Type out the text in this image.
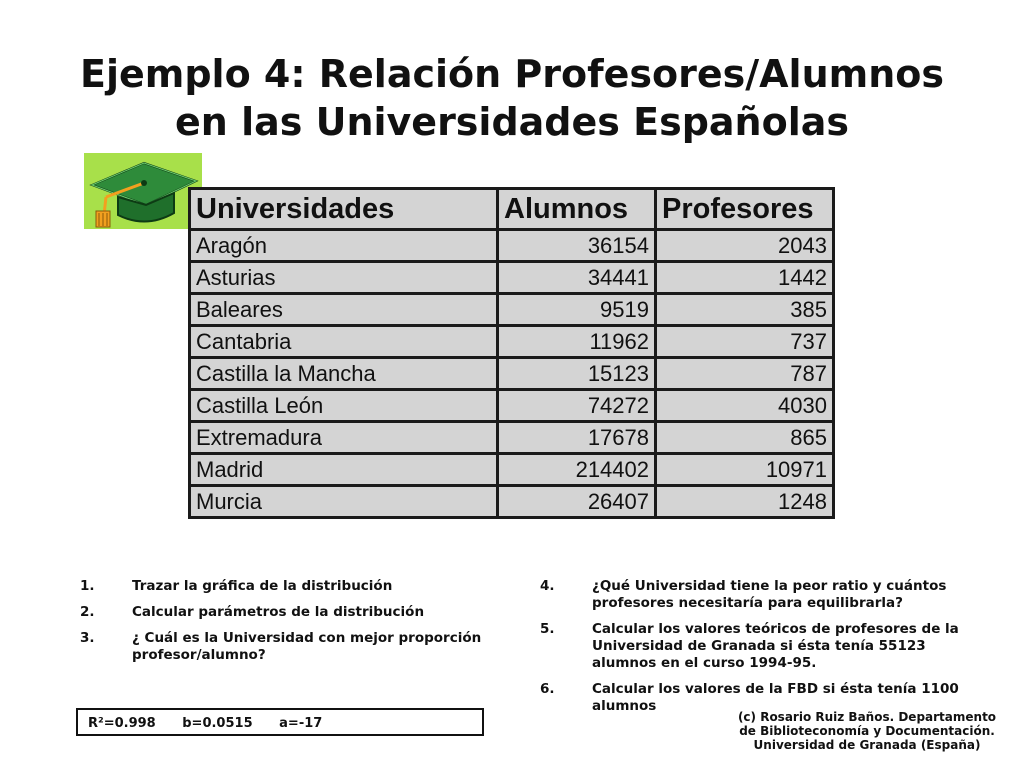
Ejemplo 4: Relación Profesores/Alumnos
en las Universidades Españolas
Universidades	Alumnos	Profesores
Aragón	36154	2043
Asturias	34441	1442
Baleares	9519	385
Cantabria	11962	737
Castilla la Mancha	15123	787
Castilla León	74272	4030
Extremadura	17678	865
Madrid	214402	10971
Murcia	26407	1248
1.	Trazar la gráfica de la distribución
2.	Calcular parámetros de la distribución
3.	¿ Cuál es la Universidad con mejor proporción profesor/alumno?
4.	¿Qué Universidad tiene la peor ratio y cuántos profesores necesitaría para equilibrarla?
5.	Calcular los valores teóricos de profesores de la Universidad de Granada si ésta tenía 55123 alumnos en el curso 1994-95.
6.	Calcular los valores de la FBD si ésta tenía 1100 alumnos
R²=0.998 b=0.0515 a=-17	(c) Rosario Ruiz Baños. Departamento
de Biblioteconomía y Documentación.
Universidad de Granada (España)
